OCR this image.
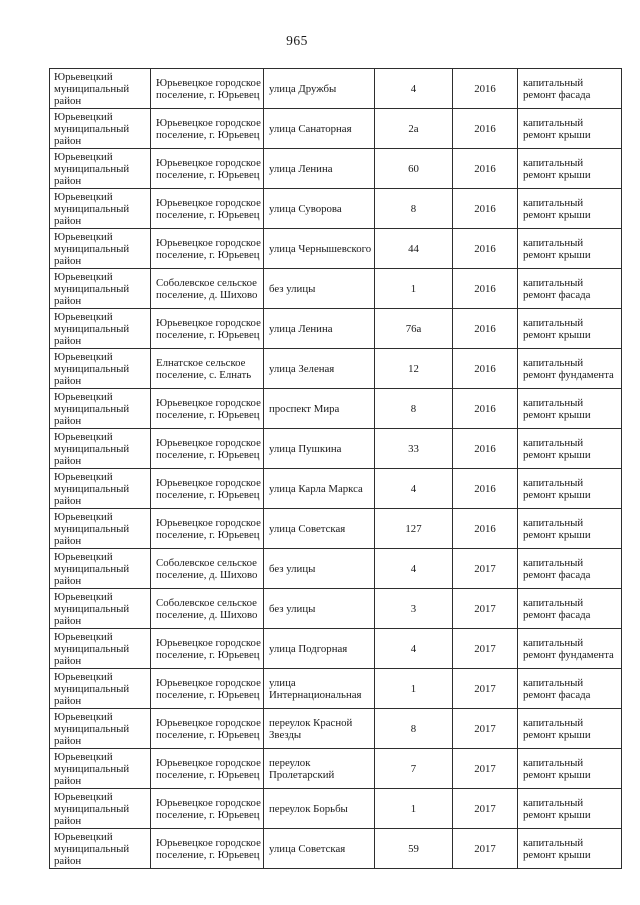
965
Юрьевецкий муниципальный район	Юрьевецкое городское поселение, г. Юрьевец	улица Дружбы	4	2016	капитальный ремонт фасада
Юрьевецкий муниципальный район	Юрьевецкое городское поселение, г. Юрьевец	улица Санаторная	2а	2016	капитальный ремонт крыши
Юрьевецкий муниципальный район	Юрьевецкое городское поселение, г. Юрьевец	улица Ленина	60	2016	капитальный ремонт крыши
Юрьевецкий муниципальный район	Юрьевецкое городское поселение, г. Юрьевец	улица Суворова	8	2016	капитальный ремонт крыши
Юрьевецкий муниципальный район	Юрьевецкое городское поселение, г. Юрьевец	улица Чернышевского	44	2016	капитальный ремонт крыши
Юрьевецкий муниципальный район	Соболевское сельское поселение, д. Шихово	без улицы	1	2016	капитальный ремонт фасада
Юрьевецкий муниципальный район	Юрьевецкое городское поселение, г. Юрьевец	улица Ленина	76а	2016	капитальный ремонт крыши
Юрьевецкий муниципальный район	Елнатское сельское поселение, с. Елнать	улица Зеленая	12	2016	капитальный ремонт фундамента
Юрьевецкий муниципальный район	Юрьевецкое городское поселение, г. Юрьевец	проспект Мира	8	2016	капитальный ремонт крыши
Юрьевецкий муниципальный район	Юрьевецкое городское поселение, г. Юрьевец	улица Пушкина	33	2016	капитальный ремонт крыши
Юрьевецкий муниципальный район	Юрьевецкое городское поселение, г. Юрьевец	улица Карла Маркса	4	2016	капитальный ремонт крыши
Юрьевецкий муниципальный район	Юрьевецкое городское поселение, г. Юрьевец	улица Советская	127	2016	капитальный ремонт крыши
Юрьевецкий муниципальный район	Соболевское сельское поселение, д. Шихово	без улицы	4	2017	капитальный ремонт фасада
Юрьевецкий муниципальный район	Соболевское сельское поселение, д. Шихово	без улицы	3	2017	капитальный ремонт фасада
Юрьевецкий муниципальный район	Юрьевецкое городское поселение, г. Юрьевец	улица Подгорная	4	2017	капитальный ремонт фундамента
Юрьевецкий муниципальный район	Юрьевецкое городское поселение, г. Юрьевец	улица Интернациональная	1	2017	капитальный ремонт фасада
Юрьевецкий муниципальный район	Юрьевецкое городское поселение, г. Юрьевец	переулок Красной Звезды	8	2017	капитальный ремонт крыши
Юрьевецкий муниципальный район	Юрьевецкое городское поселение, г. Юрьевец	переулок Пролетарский	7	2017	капитальный ремонт крыши
Юрьевецкий муниципальный район	Юрьевецкое городское поселение, г. Юрьевец	переулок Борьбы	1	2017	капитальный ремонт крыши
Юрьевецкий муниципальный район	Юрьевецкое городское поселение, г. Юрьевец	улица Советская	59	2017	капитальный ремонт крыши
